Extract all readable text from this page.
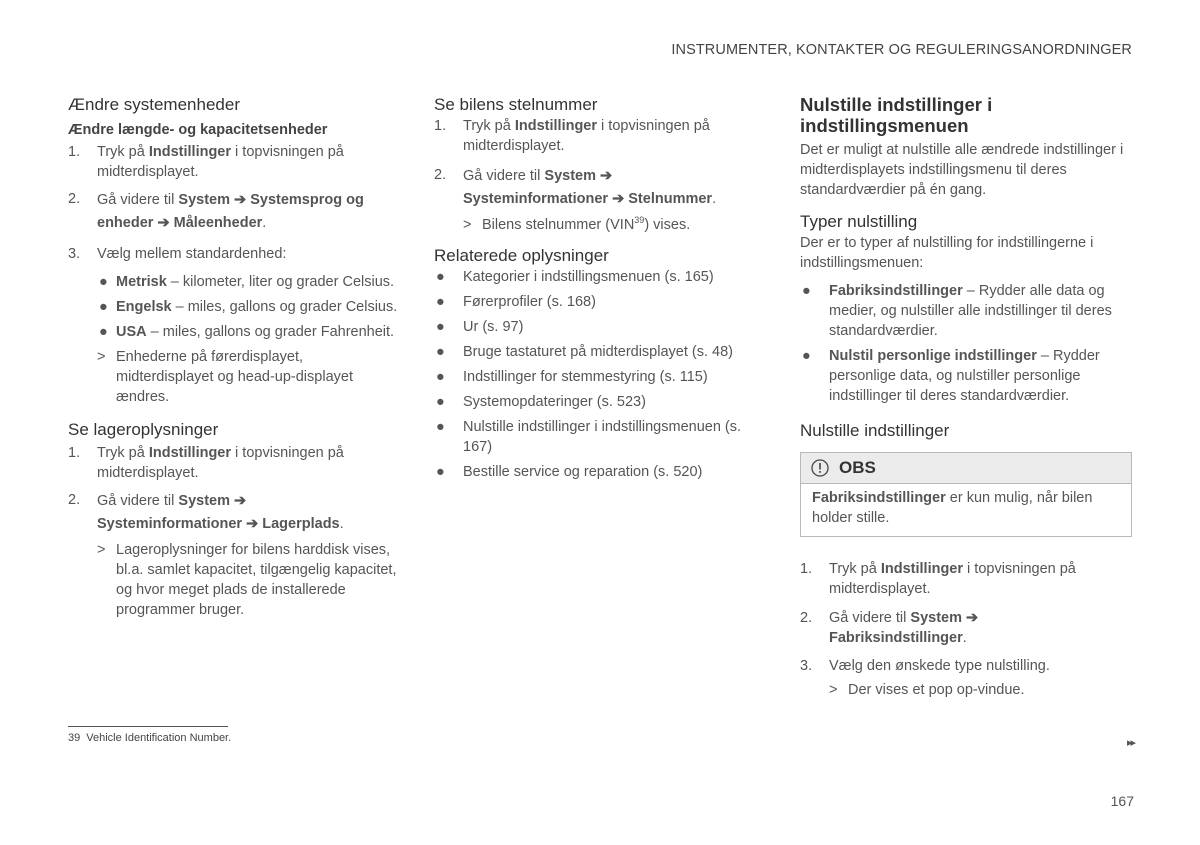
INSTRUMENTER, KONTAKTER OG REGULERINGSANORDNINGER
Ændre systemenheder
Ændre længde- og kapacitetsenheder
1. Tryk på Indstillinger i topvisningen på midterdisplayet.
2. Gå videre til System ➔ Systemsprog og enheder ➔ Måleenheder.
3. Vælg mellem standardenhed:
● Metrisk – kilometer, liter og grader Celsius.
● Engelsk – miles, gallons og grader Celsius.
● USA – miles, gallons og grader Fahrenheit.
> Enhederne på førerdisplayet, midterdisplayet og head-up-displayet ændres.
Se lageroplysninger
1. Tryk på Indstillinger i topvisningen på midterdisplayet.
2. Gå videre til System ➔
Systeminformationer ➔ Lagerplads.
> Lageroplysninger for bilens harddisk vises, bl.a. samlet kapacitet, tilgængelig kapacitet, og hvor meget plads de installerede programmer bruger.
Se bilens stelnummer
1. Tryk på Indstillinger i topvisningen på midterdisplayet.
2. Gå videre til System ➔
Systeminformationer ➔ Stelnummer.
> Bilens stelnummer (VIN$^{39}$) vises.
Relaterede oplysninger
● Kategorier i indstillingsmenuen (s. 165)
● Førerprofiler (s. 168)
● Ur (s. 97)
● Bruge tastaturet på midterdisplayet (s. 48)
● Indstillinger for stemmestyring (s. 115)
● Systemopdateringer (s. 523)
● Nulstille indstillinger i indstillingsmenuen (s. 167)
● Bestille service og reparation (s. 520)
Nulstille indstillinger i indstillingsmenuen

Det er muligt at nulstille alle ændrede indstillinger i midterdisplayets indstillingsmenu til deres standardværdier på én gang.

Typer nulstilling

Der er to typer af nulstilling for indstillingerne i indstillingsmenuen:

● Fabriksindstillinger – Rydder alle data og medier, og nulstiller alle indstillinger til deres standardværdier.
● Nulstil personlige indstillinger – Rydder personlige data, og nulstiller personlige indstillinger til deres standardværdier.
Nulstille indstillinger
OBS
Fabriksindstillinger er kun mulig, når bilen holder stille.
1. Tryk på Indstillinger i topvisningen på midterdisplayet.
2. Gå videre til System ➔
Fabriksindstillinger.
3. Vælg den ønskede type nulstilling.
> Der vises et pop op-vindue.
39 Vehicle Identification Number.	▸▸
167
